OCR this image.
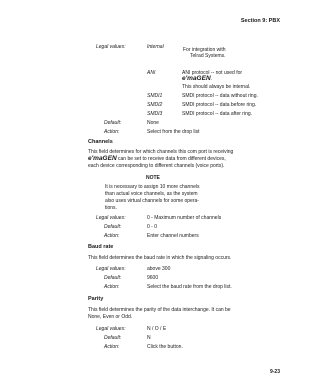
Section 9: PBX
Legal values:	Internal	For integration with
Telrad Systems.
ANI	ANI protocol -- not used for
e'maGEN.
This should always be internal.
SMDI1	SMDI protocol -- data without ring.
SMDI2	SMDI protocol -- data before ring.
SMDI3	SMDI protocol -- data after ring.
Default:	None
Action:	Select from the drop list
Channels
This field determines for which channels this com port is receiving
e'maGEN can be set to receive data from different devices,
each device corresponding to different channels (voice ports).
NOTE
It is necessary to assign 10 more channels
than actual voice channels, as the system
also uses virtual channels for some opera-
tions.
Legal values:	0 - Maximum number of channels
Default:	0 - 0
Action:	Enter channel numbers
Baud rate
This field determines the baud rate in which the signaling occurs.
Legal values:	above 300
Default:	9600
Action:	Select the baud rate from the drop list.
Parity
This field determines the parity of the data interchange. It can be
None, Even or Odd.
Legal values:	N / O / E
Default:	N
Action:	Click the button.
9-23
